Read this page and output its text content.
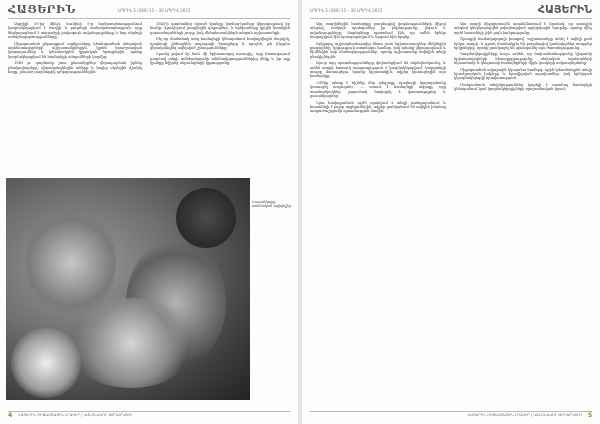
ՀԱՅԵՐԻՆ	ԱՊՐԻԼ 2 (280) 15 – 30 ԱՊՐԻԼ 2021

Ապրիլի 20-ից մինչև հունիսի 5-ը հանրապետությունում կազմակերպվում է ծաղկի և բույսերի տոնակատարություն, որը ներկայացնում է տարածքի լավագույն ավանդույթները և նոր սերնդի ստեղծագործությունները:

Միջոցառման ընթացքում այցելուները կծանոթանան տեղական արհեստավորների աշխատանքներին, կլսեն երաժշտական կատարումներ և կմասնակցեն կրթական ծրագրերին, որոնք կազմակերպվում են համայնքի անդամների կողմից:

1943 թ. գարնանը շատ ընտանիքներ վերադարձան իրենց բնակավայրերը, վերականգնեցին տները և նորից սկսեցին մշակել հողը, չնայած բազմաթիվ դժվարություններին:

1943-ի գարնանից սկսած կյանքը կամաց-կամաց վերադարձավ իր հունը: Գյուղերում բացվեցին դպրոցներ, և երեխաները կրկին նստեցին դասասեղանների շուրջ, իսկ մեծահասակներն անցան աշխատանքի:

Ինչ-որ ժամանակ անց համայնքի կենտրոնում հավաքվեցին մարդիկ, որպեսզի քննարկեն ապագայի ծրագրերը և որոշեն, թե ինչպես վերականգնել ավերված շինությունները:

Նրանց թվում էր նաև մի երիտասարդ ուսուցիչ, որը հետագայում դարձավ տեղի ամենահայտնի անձնավորություններից մեկը և իր ողջ կյանքը նվիրեց սերունդների կրթությանը:

Լուսանկարը՝ անձնական արխիվից
4 ՀԱՅԵՐԻՆ ՄԻՋԱԶԳԱՅԻՆ ԼՐԱԳԻՐ | ԿԱՆՈՆԱՎՈՐ ԹՈՂԱՐԿՈՒՄ
ԱՊՐԻԼ 2 (280) 15 – 30 ԱՊՐԻԼ 2021	ՀԱՅԵՐԻՆ

Այդ տարիներին համայնքը բազմաթիվ փորձությունների միջով անցավ, սակայն պահպանեց իր ինքնությունը, լեզուն և ավանդույթները: Տարեցները պատմում էին, որ ամեն երեկո հավաքվում էին հրապարակում և երգում հին երգեր:

Երկրորդ աշխարհամարտից հետո շատ երիտասարդներ մեկնեցին քաղաքներ՝ կրթություն ստանալու համար, իսկ ոմանք վերադարձան և հիմնեցին նոր ձեռնարկություններ, որոնք աշխատանք տվեցին տեղի բնակիչներին:

Այսօր այդ պատմությունները փոխանցվում են սերնդեսերունդ, և ամեն տարի հատուկ արարողություն է կազմակերպվում՝ հարգանքի տուրք մատուցելու նրանց հիշատակին, ովքեր կառուցեցին այս համայնքը:

«Մենք պետք է հիշենք մեր անցյալը, որպեսզի կարողանանք կառուցել ապագան», — ասում է համայնքի ավագը, որը տասնամյակներ շարունակ հավաքել է փաստաթղթեր և լուսանկարներ:

Նրա հավաքածուն այժմ պահվում է տեղի թանգարանում և հասանելի է բոլոր այցելուներին, ովքեր ցանկանում են ավելին իմանալ տարածաշրջանի պատմության մասին:

Այս տարի միջոցառումն առանձնանում է նրանով, որ առաջին անգամ կներկայացվեն թվայնացված արխիվային նյութեր, որոնք մինչ այժմ հասանելի չէին լայն հանրությանը:

Ծրագրի համակարգողի խոսքով՝ աշխատանքը տևել է ավելի քան երկու տարի, և դրան մասնակցել են բազմաթիվ կամավորներ տարբեր երկրներից, որոնք ցանկացել են պահպանել այս ժառանգությունը:

Կազմակերպիչները հույս ունեն, որ նախաձեռնությունը կխթանի երիտասարդների հետաքրքրությունը սեփական արմատների նկատմամբ և կնպաստի համայնքների միջև կապերի ամրապնդմանը:

Միջոցառման ավարտին կկայանա համերգ, որին կմասնակցեն տեղի երաժշտական խմբերը և հրավիրված արտիստներ, իսկ երեկոյան կկազմակերպվի հրավառություն:

Մանրամասն տեղեկություններ կարելի է ստանալ համայնքի կենտրոնում կամ կազմակերպիչների պաշտոնական էջում:

ՀԱՅԵՐԻՆ ՄԻՋԱԶԳԱՅԻՆ ԼՐԱԳԻՐ | ԿԱՆՈՆԱՎՈՐ ԹՈՂԱՐԿՈՒՄ 5
